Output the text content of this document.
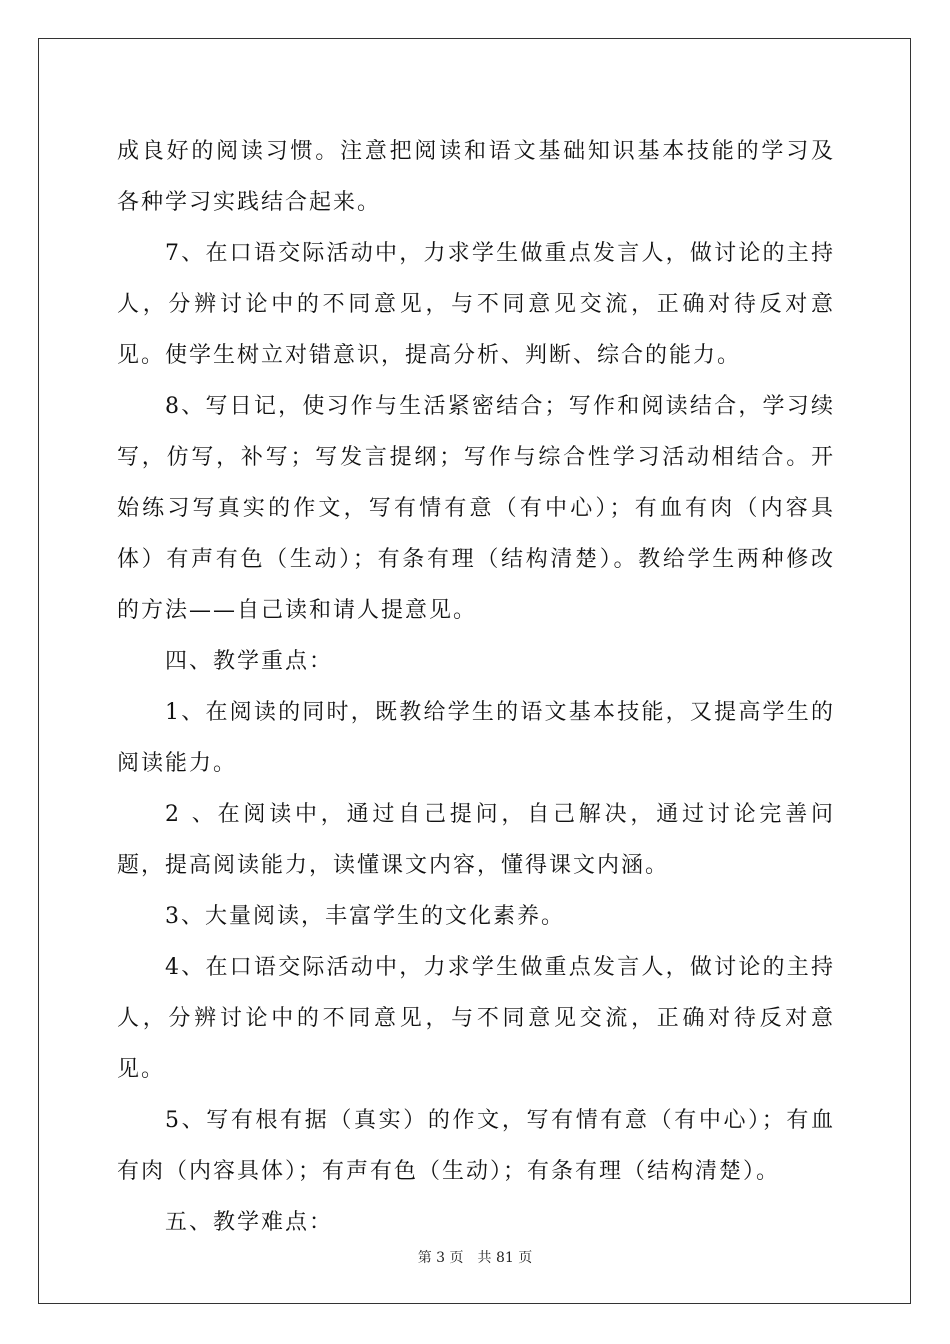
成良好的阅读习惯。注意把阅读和语文基础知识基本技能的学习及各种学习实践结合起来。

7、在口语交际活动中，力求学生做重点发言人，做讨论的主持人，分辨讨论中的不同意见，与不同意见交流，正确对待反对意见。使学生树立对错意识，提高分析、判断、综合的能力。

8、写日记，使习作与生活紧密结合；写作和阅读结合，学习续写，仿写，补写；写发言提纲；写作与综合性学习活动相结合。开始练习写真实的作文，写有情有意（有中心）；有血有肉（内容具体）有声有色（生动）；有条有理（结构清楚）。教给学生两种修改的方法——自己读和请人提意见。

四、教学重点：

1、在阅读的同时，既教给学生的语文基本技能，又提高学生的阅读能力。

2 、在阅读中，通过自己提问，自己解决，通过讨论完善问题，提高阅读能力，读懂课文内容，懂得课文内涵。

3、大量阅读，丰富学生的文化素养。

4、在口语交际活动中，力求学生做重点发言人，做讨论的主持人，分辨讨论中的不同意见，与不同意见交流，正确对待反对意见。

5、写有根有据（真实）的作文，写有情有意（有中心）；有血有肉（内容具体）；有声有色（生动）；有条有理（结构清楚）。

五、教学难点：

第 3 页 共 81 页
